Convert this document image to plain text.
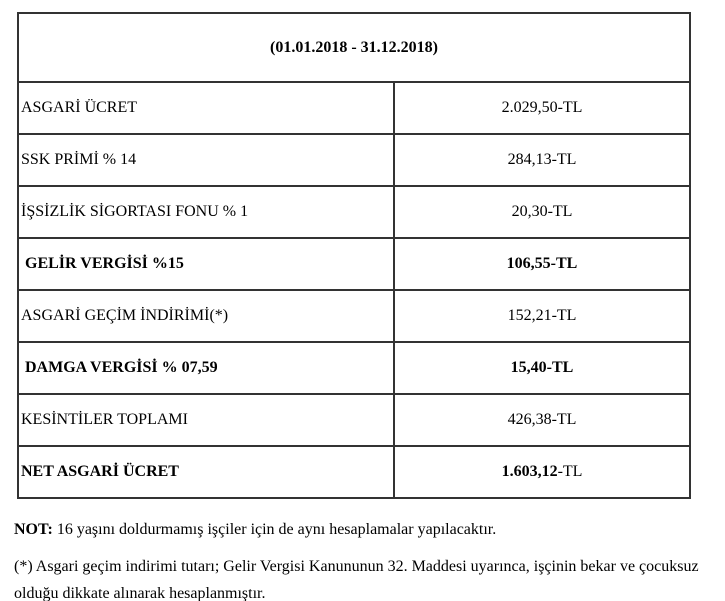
(01.01.2018 - 31.12.2018)	
ASGARİ ÜCRET	2.029,50-TL
SSK PRİMİ % 14	284,13-TL
İŞSİZLİK SİGORTASI FONU % 1	20,30-TL
GELİR VERGİSİ %15	106,55-TL
ASGARİ GEÇİM İNDİRİMİ(*)	152,21-TL
DAMGA VERGİSİ % 07,59	15,40-TL
KESİNTİLER TOPLAMI	426,38-TL
NET ASGARİ ÜCRET	1.603,12-TL

NOT: 16 yaşını doldurmamış işçiler için de aynı hesaplamalar yapılacaktır.

(*) Asgari geçim indirimi tutarı; Gelir Vergisi Kanununun 32. Maddesi uyarınca, işçinin bekar ve çocuksuz olduğu dikkate alınarak hesaplanmıştır.
